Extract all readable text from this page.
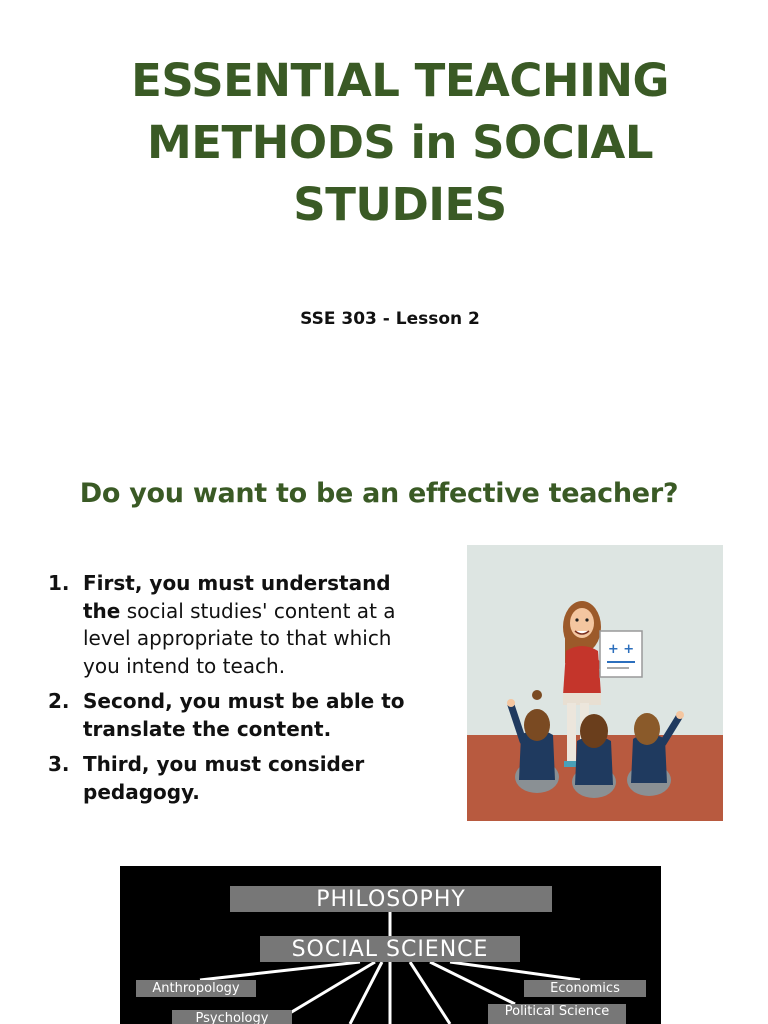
ESSENTIAL TEACHING
METHODS in SOCIAL
STUDIES
SSE 303 - Lesson 2
Do you want to be an effective teacher?
1. First, you must understand the social studies' content at a level appropriate to that which you intend to teach.
2. Second, you must be able to translate the content.
3. Third, you must consider pedagogy.
+ +
PHILOSOPHY
SOCIAL SCIENCE
Anthropology
Psychology
Economics
Political Science
